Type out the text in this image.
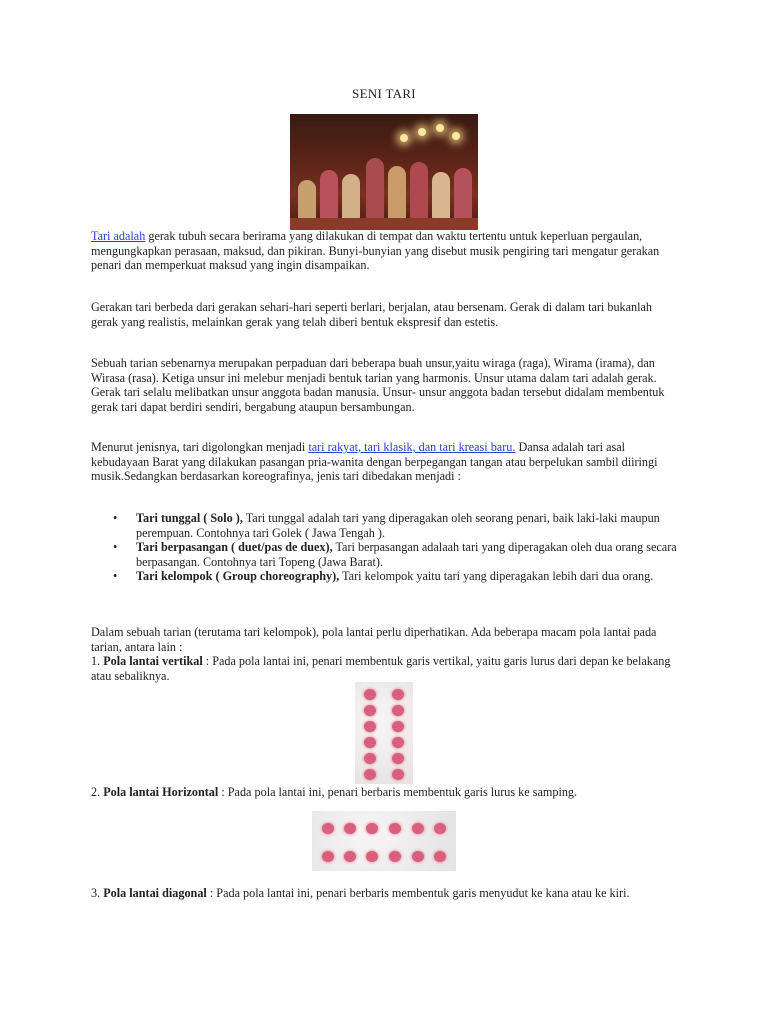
SENI TARI

Tari adalah gerak tubuh secara berirama yang dilakukan di tempat dan waktu tertentu untuk keperluan pergaulan, mengungkapkan perasaan, maksud, dan pikiran. Bunyi-bunyian yang disebut musik pengiring tari mengatur gerakan penari dan memperkuat maksud yang ingin disampaikan.

Gerakan tari berbeda dari gerakan sehari-hari seperti berlari, berjalan, atau bersenam. Gerak di dalam tari bukanlah gerak yang realistis, melainkan gerak yang telah diberi bentuk ekspresif dan estetis.

Sebuah tarian sebenarnya merupakan perpaduan dari beberapa buah unsur,yaitu wiraga (raga), Wirama (irama), dan Wirasa (rasa). Ketiga unsur ini melebur menjadi bentuk tarian yang harmonis. Unsur utama dalam tari adalah gerak. Gerak tari selalu melibatkan unsur anggota badan manusia. Unsur- unsur anggota badan tersebut didalam membentuk gerak tari dapat berdiri sendiri, bergabung ataupun bersambungan.

Menurut jenisnya, tari digolongkan menjadi tari rakyat, tari klasik, dan tari kreasi baru. Dansa adalah tari asal kebudayaan Barat yang dilakukan pasangan pria-wanita dengan berpegangan tangan atau berpelukan sambil diiringi musik.Sedangkan berdasarkan koreografinya, jenis tari dibedakan menjadi :

• Tari tunggal ( Solo ), Tari tunggal adalah tari yang diperagakan oleh seorang penari, baik laki-laki maupun perempuan. Contohnya tari Golek ( Jawa Tengah ).
• Tari berpasangan ( duet/pas de duex), Tari berpasangan adalaah tari yang diperagakan oleh dua orang secara berpasangan. Contohnya tari Topeng (Jawa Barat).
• Tari kelompok ( Group choreography), Tari kelompok yaitu tari yang diperagakan lebih dari dua orang.

Dalam sebuah tarian (terutama tari kelompok), pola lantai perlu diperhatikan. Ada beberapa macam pola lantai pada tarian, antara lain :

1. Pola lantai vertikal : Pada pola lantai ini, penari membentuk garis vertikal, yaitu garis lurus dari depan ke belakang atau sebaliknya.

2. Pola lantai Horizontal : Pada pola lantai ini, penari berbaris membentuk garis lurus ke samping.

3. Pola lantai diagonal : Pada pola lantai ini, penari berbaris membentuk garis menyudut ke kana atau ke kiri.
